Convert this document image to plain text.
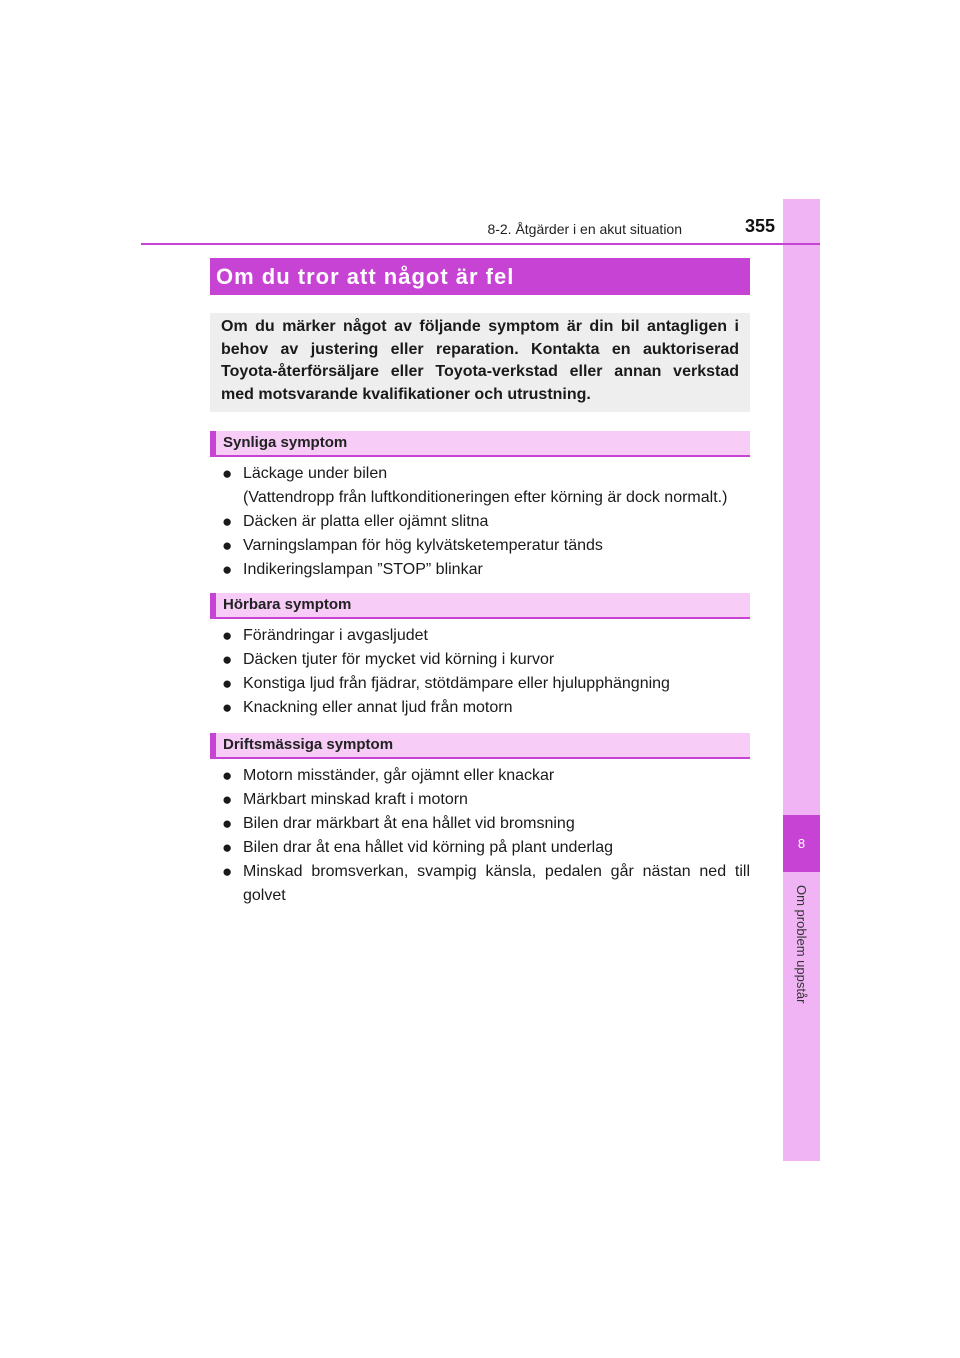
8
Om problem uppstår
8-2. Åtgärder i en akut situation	355
Om du tror att något är fel
Om du märker något av följande symptom är din bil antagligen i behov av justering eller reparation. Kontakta en auktoriserad Toyota-återförsäljare eller Toyota-verkstad eller annan verkstad med motsvarande kvalifikationer och utrustning.
Synliga symptom
● Läckage under bilen
(Vattendropp från luftkonditioneringen efter körning är dock normalt.)
● Däcken är platta eller ojämnt slitna
● Varningslampan för hög kylvätsketemperatur tänds
● Indikeringslampan ”STOP” blinkar
Hörbara symptom
● Förändringar i avgasljudet
● Däcken tjuter för mycket vid körning i kurvor
● Konstiga ljud från fjädrar, stötdämpare eller hjulupphängning
● Knackning eller annat ljud från motorn
Driftsmässiga symptom
● Motorn misständer, går ojämnt eller knackar
● Märkbart minskad kraft i motorn
● Bilen drar märkbart åt ena hållet vid bromsning
● Bilen drar åt ena hållet vid körning på plant underlag
● Minskad bromsverkan, svampig känsla, pedalen går nästan ned till golvet
